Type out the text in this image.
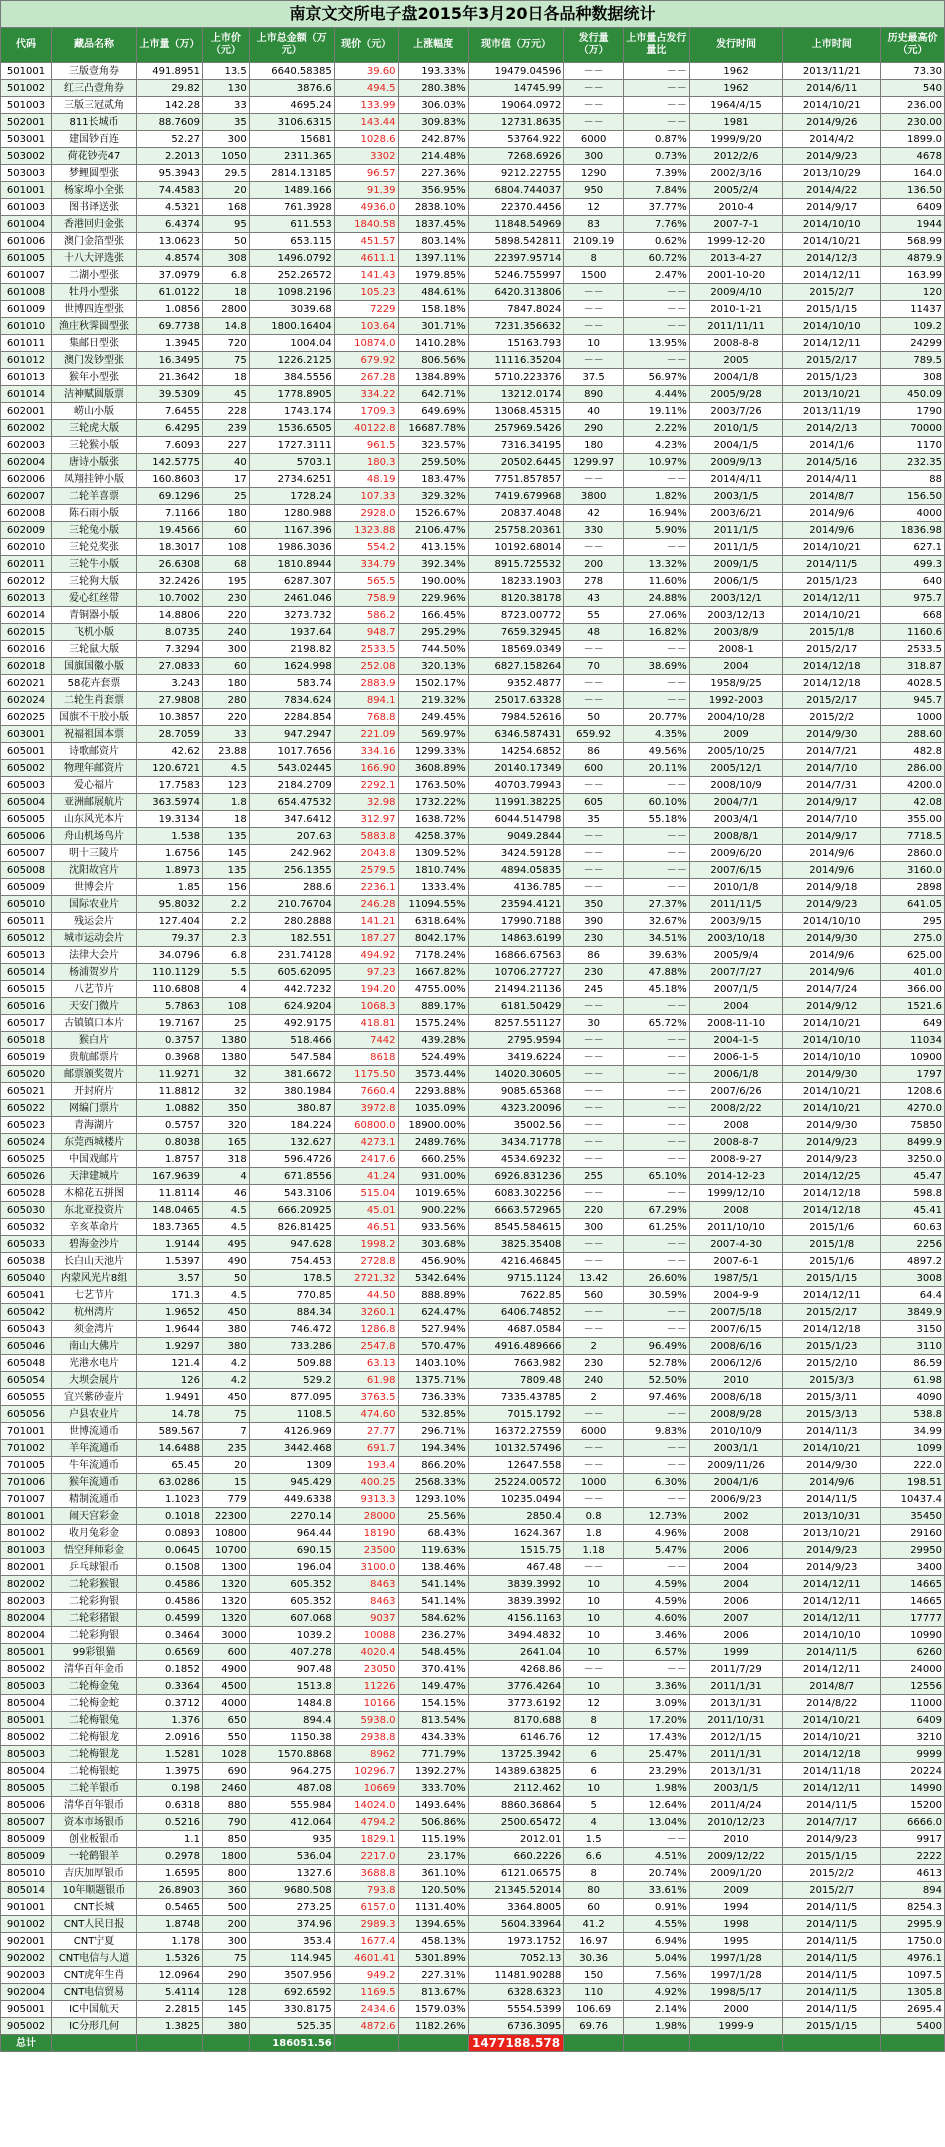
南京文交所电子盘2015年3月20日各品种数据统计
代码	藏品名称	上市量（万）	上市价（元）	上市总金额（万元）	现价（元）	上涨幅度	现市值（万元）	发行量（万）	上市量占发行量比	发行时间	上市时间	历史最高价（元）
501001	三版壹角券	491.8951	13.5	6640.58385	39.60	193.33%	19479.04596	－－	－－	1962	2013/11/21	73.30
501002	红三凸壹角券	29.82	130	3876.6	494.5	280.38%	14745.99	－－	－－	1962	2014/6/11	540
501003	三版三冠贰角	142.28	33	4695.24	133.99	306.03%	19064.0972	－－	－－	1964/4/15	2014/10/21	236.00
502001	811长城币	88.7609	35	3106.6315	143.44	309.83%	12731.8635	－－	－－	1981	2014/9/26	230.00
503001	建国钞百连	52.27	300	15681	1028.6	242.87%	53764.922	6000	0.87%	1999/9/20	2014/4/2	1899.0
503002	荷花钞壳47	2.2013	1050	2311.365	3302	214.48%	7268.6926	300	0.73%	2012/2/6	2014/9/23	4678
503003	梦鲤圆型张	95.3943	29.5	2814.13185	96.57	227.36%	9212.22755	1290	7.39%	2002/3/16	2013/10/29	164.0
601001	杨家埠小全张	74.4583	20	1489.166	91.39	356.95%	6804.744037	950	7.84%	2005/2/4	2014/4/22	136.50
601003	图书译送张	4.5321	168	761.3928	4936.0	2838.10%	22370.4456	12	37.77%	2010-4	2014/9/17	6409
601004	香港回归金张	6.4374	95	611.553	1840.58	1837.45%	11848.54969	83	7.76%	2007-7-1	2014/10/10	1944
601006	澳门金箔型张	13.0623	50	653.115	451.57	803.14%	5898.542811	2109.19	0.62%	1999-12-20	2014/10/21	568.99
601005	十八大评选张	4.8574	308	1496.0792	4611.1	1397.11%	22397.95714	8	60.72%	2013-4-27	2014/12/3	4879.9
601007	二湖小型张	37.0979	6.8	252.26572	141.43	1979.85%	5246.755997	1500	2.47%	2001-10-20	2014/12/11	163.99
601008	牡丹小型张	61.0122	18	1098.2196	105.23	484.61%	6420.313806	－－	－－	2009/4/10	2015/2/7	120
601009	世博四连型张	1.0856	2800	3039.68	7229	158.18%	7847.8024	－－	－－	2010-1-21	2015/1/15	11437
601010	渔庄秋霁圆型张	69.7738	14.8	1800.16404	103.64	301.71%	7231.356632	－－	－－	2011/11/11	2014/10/10	109.2
601011	集邮日型张	1.3945	720	1004.04	10874.0	1410.28%	15163.793	10	13.95%	2008-8-8	2014/12/11	24299
601012	澳门发钞型张	16.3495	75	1226.2125	679.92	806.56%	11116.35204	－－	－－	2005	2015/2/17	789.5
601013	猴年小型张	21.3642	18	384.5556	267.28	1384.89%	5710.223376	37.5	56.97%	2004/1/8	2015/1/23	308
601014	洁神赋圆版票	39.5309	45	1778.8905	334.22	642.71%	13212.0174	890	4.44%	2005/9/28	2013/10/21	450.09
602001	崂山小版	7.6455	228	1743.174	1709.3	649.69%	13068.45315	40	19.11%	2003/7/26	2013/11/19	1790
602002	三轮虎大版	6.4295	239	1536.6505	40122.8	16687.78%	257969.5426	290	2.22%	2010/1/5	2014/2/13	70000
602003	三轮猴小版	7.6093	227	1727.3111	961.5	323.57%	7316.34195	180	4.23%	2004/1/5	2014/1/6	1170
602004	唐诗小版张	142.5775	40	5703.1	180.3	259.50%	20502.6445	1299.97	10.97%	2009/9/13	2014/5/16	232.35
602006	凤翔挂钟小版	160.8603	17	2734.6251	48.19	183.47%	7751.857857	－－	－－	2014/4/11	2014/4/11	88
602007	二轮羊喜票	69.1296	25	1728.24	107.33	329.32%	7419.679968	3800	1.82%	2003/1/5	2014/8/7	156.50
602008	陈石雨小版	7.1166	180	1280.988	2928.0	1526.67%	20837.4048	42	16.94%	2003/6/21	2014/9/6	4000
602009	三轮兔小版	19.4566	60	1167.396	1323.88	2106.47%	25758.20361	330	5.90%	2011/1/5	2014/9/6	1836.98
602010	三轮兑奖张	18.3017	108	1986.3036	554.2	413.15%	10192.68014	－－	－－	2011/1/5	2014/10/21	627.1
602011	三轮牛小版	26.6308	68	1810.8944	334.79	392.34%	8915.725532	200	13.32%	2009/1/5	2014/11/5	499.3
602012	三轮狗大版	32.2426	195	6287.307	565.5	190.00%	18233.1903	278	11.60%	2006/1/5	2015/1/23	640
602013	爱心红丝带	10.7002	230	2461.046	758.9	229.96%	8120.38178	43	24.88%	2003/12/1	2014/12/11	975.7
602014	青铜器小版	14.8806	220	3273.732	586.2	166.45%	8723.00772	55	27.06%	2003/12/13	2014/10/21	668
602015	飞机小版	8.0735	240	1937.64	948.7	295.29%	7659.32945	48	16.82%	2003/8/9	2015/1/8	1160.6
602016	三轮鼠大版	7.3294	300	2198.82	2533.5	744.50%	18569.0349	－－	－－	2008-1	2015/2/17	2533.5
602018	国旗国徽小版	27.0833	60	1624.998	252.08	320.13%	6827.158264	70	38.69%	2004	2014/12/18	318.87
602021	58花卉套票	3.243	180	583.74	2883.9	1502.17%	9352.4877	－－	－－	1958/9/25	2014/12/18	4028.5
602024	二轮生肖套票	27.9808	280	7834.624	894.1	219.32%	25017.63328	－－	－－	1992-2003	2015/2/17	945.7
602025	国旗不干胶小版	10.3857	220	2284.854	768.8	249.45%	7984.52616	50	20.77%	2004/10/28	2015/2/2	1000
603001	祝福祖国本票	28.7059	33	947.2947	221.09	569.97%	6346.587431	659.92	4.35%	2009	2014/9/30	288.60
605001	诗歌邮资片	42.62	23.88	1017.7656	334.16	1299.33%	14254.6852	86	49.56%	2005/10/25	2014/7/21	482.8
605002	物理年邮资片	120.6721	4.5	543.02445	166.90	3608.89%	20140.17349	600	20.11%	2005/12/1	2014/7/10	286.00
605003	爱心福片	17.7583	123	2184.2709	2292.1	1763.50%	40703.79943	－－	－－	2008/10/9	2014/7/31	4200.0
605004	亚洲邮展航片	363.5974	1.8	654.47532	32.98	1732.22%	11991.38225	605	60.10%	2004/7/1	2014/9/17	42.08
605005	山东风光本片	19.3134	18	347.6412	312.97	1638.72%	6044.514798	35	55.18%	2003/4/1	2014/7/10	355.00
605006	舟山机场鸟片	1.538	135	207.63	5883.8	4258.37%	9049.2844	－－	－－	2008/8/1	2014/9/17	7718.5
605007	明十三陵片	1.6756	145	242.962	2043.8	1309.52%	3424.59128	－－	－－	2009/6/20	2014/9/6	2860.0
605008	沈阳故宫片	1.8973	135	256.1355	2579.5	1810.74%	4894.05835	－－	－－	2007/6/15	2014/9/6	3160.0
605009	世博会片	1.85	156	288.6	2236.1	1333.4%	4136.785	－－	－－	2010/1/8	2014/9/18	2898
605010	国际农业片	95.8032	2.2	210.76704	246.28	11094.55%	23594.4121	350	27.37%	2011/11/5	2014/9/23	641.05
605011	残运会片	127.404	2.2	280.2888	141.21	6318.64%	17990.7188	390	32.67%	2003/9/15	2014/10/10	295
605012	城市运动会片	79.37	2.3	182.551	187.27	8042.17%	14863.6199	230	34.51%	2003/10/18	2014/9/30	275.0
605013	法律大会片	34.0796	6.8	231.74128	494.92	7178.24%	16866.67563	86	39.63%	2005/9/4	2014/9/6	625.00
605014	杨浦贺岁片	110.1129	5.5	605.62095	97.23	1667.82%	10706.27727	230	47.88%	2007/7/27	2014/9/6	401.0
605015	八艺节片	110.6808	4	442.7232	194.20	4755.00%	21494.21136	245	45.18%	2007/1/5	2014/7/24	366.00
605016	天安门微片	5.7863	108	624.9204	1068.3	889.17%	6181.50429	－－	－－	2004	2014/9/12	1521.6
605017	古镇镇口本片	19.7167	25	492.9175	418.81	1575.24%	8257.551127	30	65.72%	2008-11-10	2014/10/21	649
605018	猴白片	0.3757	1380	518.466	7442	439.28%	2795.9594	－－	－－	2004-1-5	2014/10/10	11034
605019	贵航邮票片	0.3968	1380	547.584	8618	524.49%	3419.6224	－－	－－	2006-1-5	2014/10/10	10900
605020	邮票颁奖贺片	11.9271	32	381.6672	1175.50	3573.44%	14020.30605	－－	－－	2006/1/8	2014/9/30	1797
605021	开封府片	11.8812	32	380.1984	7660.4	2293.88%	9085.65368	－－	－－	2007/6/26	2014/10/21	1208.6
605022	网编门票片	1.0882	350	380.87	3972.8	1035.09%	4323.20096	－－	－－	2008/2/22	2014/10/21	4270.0
605023	青海湖片	0.5757	320	184.224	60800.0	18900.00%	35002.56	－－	－－	2008	2014/9/30	75850
605024	东莞西城楼片	0.8038	165	132.627	4273.1	2489.76%	3434.71778	－－	－－	2008-8-7	2014/9/23	8499.9
605025	中国戏邮片	1.8757	318	596.4726	2417.6	660.25%	4534.69232	－－	－－	2008-9-27	2014/9/23	3250.0
605026	天津建城片	167.9639	4	671.8556	41.24	931.00%	6926.831236	255	65.10%	2014-12-23	2014/12/25	45.47
605028	木棉花五拼图	11.8114	46	543.3106	515.04	1019.65%	6083.302256	－－	－－	1999/12/10	2014/12/18	598.8
605030	东北亚投资片	148.0465	4.5	666.20925	45.01	900.22%	6663.572965	220	67.29%	2008	2014/12/18	45.41
605032	辛亥革命片	183.7365	4.5	826.81425	46.51	933.56%	8545.584615	300	61.25%	2011/10/10	2015/1/6	60.63
605033	碧海金沙片	1.9144	495	947.628	1998.2	303.68%	3825.35408	－－	－－	2007-4-30	2015/1/8	2256
605038	长白山天池片	1.5397	490	754.453	2728.8	456.90%	4216.46845	－－	－－	2007-6-1	2015/1/6	4897.2
605040	内蒙风光片8组	3.57	50	178.5	2721.32	5342.64%	9715.1124	13.42	26.60%	1987/5/1	2015/1/15	3008
605041	七艺节片	171.3	4.5	770.85	44.50	888.89%	7622.85	560	30.59%	2004-9-9	2014/12/11	64.4
605042	杭州湾片	1.9652	450	884.34	3260.1	624.47%	6406.74852	－－	－－	2007/5/18	2015/2/17	3849.9
605043	须金湾片	1.9644	380	746.472	1286.8	527.94%	4687.0584	－－	－－	2007/6/15	2014/12/18	3150
605046	南山大佛片	1.9297	380	733.286	2547.8	570.47%	4916.489666	2	96.49%	2008/6/16	2015/1/23	3110
605048	光港水电片	121.4	4.2	509.88	63.13	1403.10%	7663.982	230	52.78%	2006/12/6	2015/2/10	86.59
605054	大坝会展片	126	4.2	529.2	61.98	1375.71%	7809.48	240	52.50%	2010	2015/3/3	61.98
605055	宜兴紫砂壶片	1.9491	450	877.095	3763.5	736.33%	7335.43785	2	97.46%	2008/6/18	2015/3/11	4090
605056	户县农业片	14.78	75	1108.5	474.60	532.85%	7015.1792	－－	－－	2008/9/28	2015/3/13	538.8
701001	世博流通币	589.567	7	4126.969	27.77	296.71%	16372.27559	6000	9.83%	2010/10/9	2014/11/3	34.99
701002	羊年流通币	14.6488	235	3442.468	691.7	194.34%	10132.57496	－－	－－	2003/1/1	2014/10/21	1099
701005	牛年流通币	65.45	20	1309	193.4	866.20%	12647.558	－－	－－	2009/11/26	2014/9/30	222.0
701006	猴年流通币	63.0286	15	945.429	400.25	2568.33%	25224.00572	1000	6.30%	2004/1/6	2014/9/6	198.51
701007	精制流通币	1.1023	779	449.6338	9313.3	1293.10%	10235.0494	－－	－－	2006/9/23	2014/11/5	10437.4
801001	闹天宫彩金	0.1018	22300	2270.14	28000	25.56%	2850.4	0.8	12.73%	2002	2013/10/31	35450
801002	收月兔彩金	0.0893	10800	964.44	18190	68.43%	1624.367	1.8	4.96%	2008	2013/10/21	29160
801003	悟空拜师彩金	0.0645	10700	690.15	23500	119.63%	1515.75	1.18	5.47%	2006	2014/9/23	29950
802001	乒乓球银币	0.1508	1300	196.04	3100.0	138.46%	467.48	－－	－－	2004	2014/9/23	3400
802002	二轮彩猴银	0.4586	1320	605.352	8463	541.14%	3839.3992	10	4.59%	2004	2014/12/11	14665
802003	二轮彩狗银	0.4586	1320	605.352	8463	541.14%	3839.3992	10	4.59%	2006	2014/12/11	14665
802004	二轮彩猪银	0.4599	1320	607.068	9037	584.62%	4156.1163	10	4.60%	2007	2014/12/11	17777
802004	二轮彩狗银	0.3464	3000	1039.2	10088	236.27%	3494.4832	10	3.46%	2006	2014/10/10	10990
805001	99彩银猫	0.6569	600	407.278	4020.4	548.45%	2641.04	10	6.57%	1999	2014/11/5	6260
805002	清华百年金币	0.1852	4900	907.48	23050	370.41%	4268.86	－－	－－	2011/7/29	2014/12/11	24000
805003	二轮梅金兔	0.3364	4500	1513.8	11226	149.47%	3776.4264	10	3.36%	2011/1/31	2014/8/7	12556
805004	二轮梅金蛇	0.3712	4000	1484.8	10166	154.15%	3773.6192	12	3.09%	2013/1/31	2014/8/22	11000
805001	二轮梅银兔	1.376	650	894.4	5938.0	813.54%	8170.688	8	17.20%	2011/10/31	2014/10/21	6409
805002	二轮梅银龙	2.0916	550	1150.38	2938.8	434.33%	6146.76	12	17.43%	2012/1/15	2014/10/21	3210
805003	二轮梅银龙	1.5281	1028	1570.8868	8962	771.79%	13725.3942	6	25.47%	2011/1/31	2014/12/18	9999
805004	二轮梅银蛇	1.3975	690	964.275	10296.7	1392.27%	14389.63825	6	23.29%	2013/1/31	2014/11/18	20224
805005	二轮羊银币	0.198	2460	487.08	10669	333.70%	2112.462	10	1.98%	2003/1/5	2014/12/11	14990
805006	清华百年银币	0.6318	880	555.984	14024.0	1493.64%	8860.36864	5	12.64%	2011/4/24	2014/11/5	15200
805007	资本市场银币	0.5216	790	412.064	4794.2	506.86%	2500.65472	4	13.04%	2010/12/23	2014/7/17	6666.0
805009	创业板银币	1.1	850	935	1829.1	115.19%	2012.01	1.5	－－	2010	2014/9/23	9917
805009	一轮鹤银羊	0.2978	1800	536.04	2217.0	23.17%	660.2226	6.6	4.51%	2009/12/22	2015/1/15	2222
805010	吉庆加厚银币	1.6595	800	1327.6	3688.8	361.10%	6121.06575	8	20.74%	2009/1/20	2015/2/2	4613
805014	10年顺题银币	26.8903	360	9680.508	793.8	120.50%	21345.52014	80	33.61%	2009	2015/2/7	894
901001	CNT长城	0.5465	500	273.25	6157.0	1131.40%	3364.8005	60	0.91%	1994	2014/11/5	8254.3
901002	CNT人民日报	1.8748	200	374.96	2989.3	1394.65%	5604.33964	41.2	4.55%	1998	2014/11/5	2995.9
902001	CNT宁夏	1.178	300	353.4	1677.4	458.13%	1973.1752	16.97	6.94%	1995	2014/11/5	1750.0
902002	CNT电信与人道	1.5326	75	114.945	4601.41	5301.89%	7052.13	30.36	5.04%	1997/1/28	2014/11/5	4976.1
902003	CNT虎年生肖	12.0964	290	3507.956	949.2	227.31%	11481.90288	150	7.56%	1997/1/28	2014/11/5	1097.5
902004	CNT电信贸易	5.4114	128	692.6592	1169.5	813.67%	6328.6323	110	4.92%	1998/5/17	2014/11/5	1305.8
905001	IC中国航天	2.2815	145	330.8175	2434.6	1579.03%	5554.5399	106.69	2.14%	2000	2014/11/5	2695.4
905002	IC分形几何	1.3825	380	525.35	4872.6	1182.26%	6736.3095	69.76	1.98%	1999-9	2015/1/15	5400
总计				186051.56			1477188.578					
